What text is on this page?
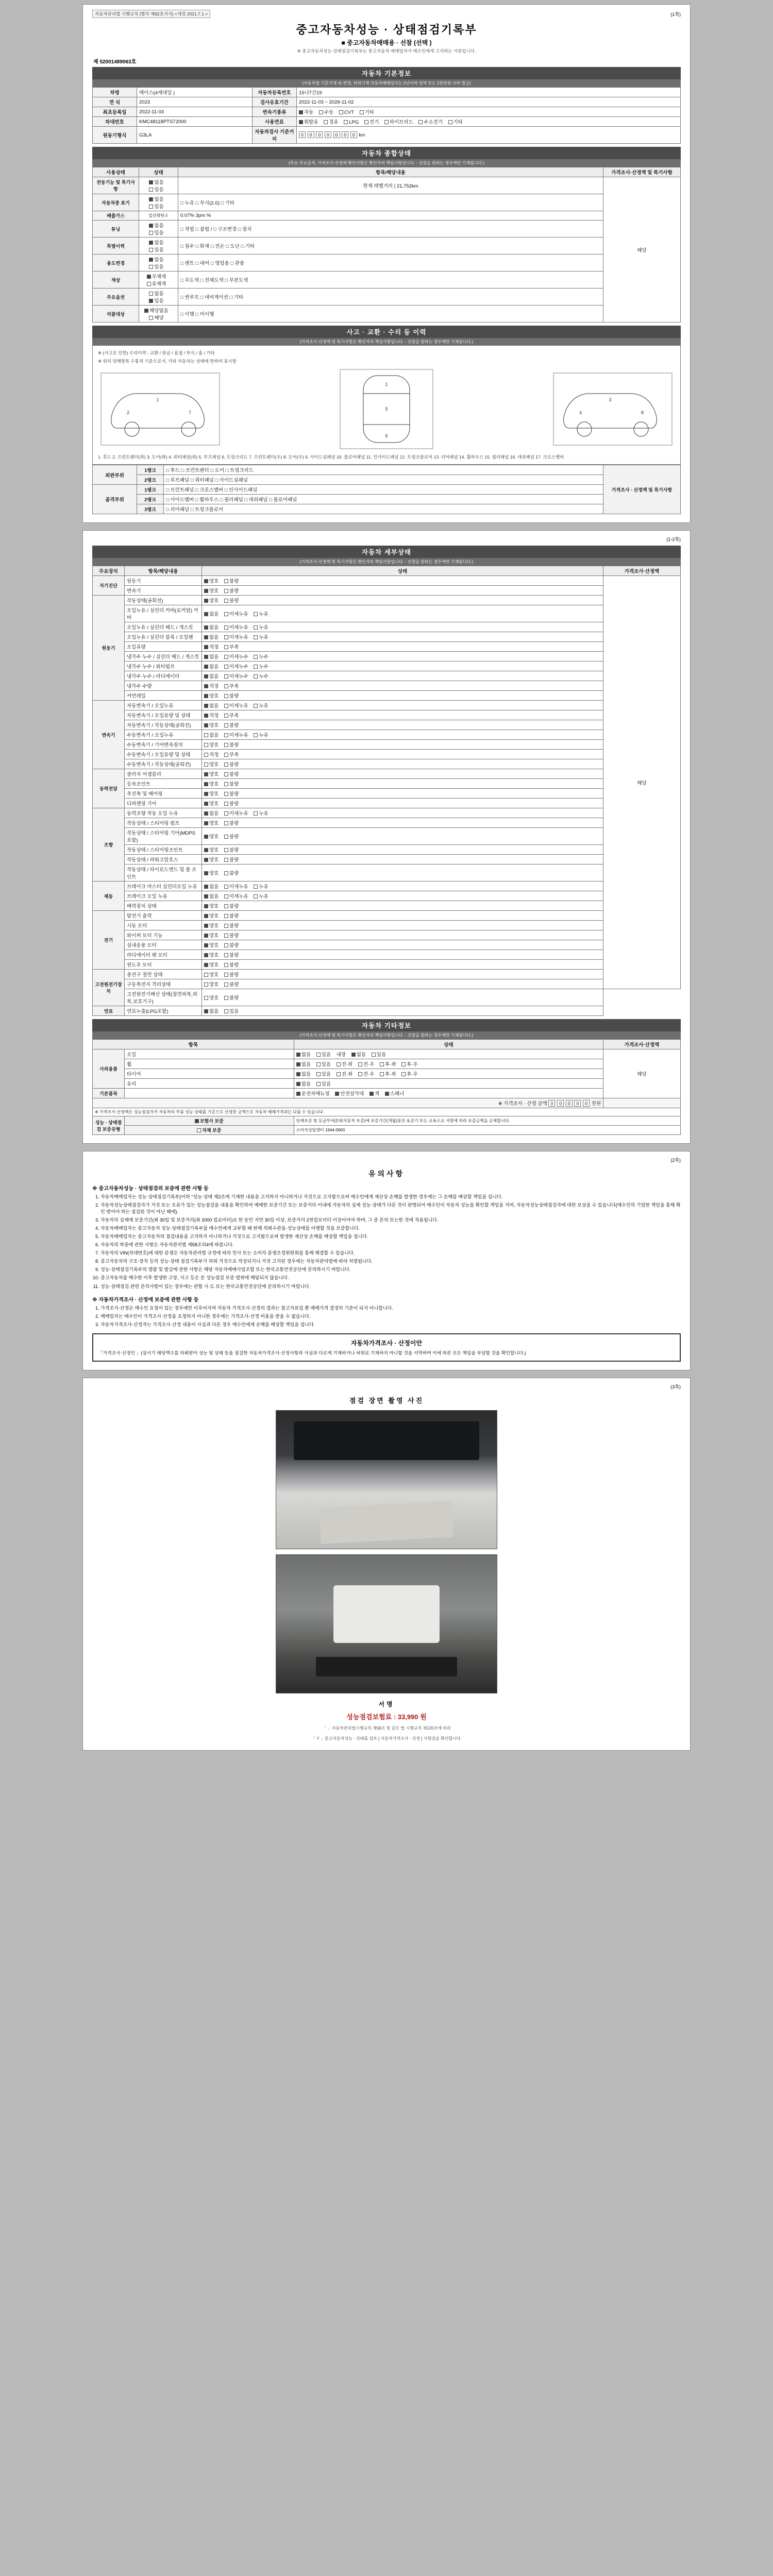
자동차관리법 시행규칙 [별지 제82호서식] <개정 2021.7.1.>	(1쪽)
중고자동차성능 · 상태점검기록부
■ 중고자동차매매용 · 선참 (선택 )
※ 중고자동차성능·상태점검기록부는 중고자동차 매매업자가 매수인에게 고지하는 서류입니다.
제 52001489063호
자동차 기본정보
(자동차법 기준기재 위·변경, 허위기재 자동차매매업자는 2년이하 징역 또는 2천만원 이하 벌금)
차명	메이스(4세대일 )	자동차등록번호	15나7간19
연 식	2023	검사유효기간	2022-11-03 ~ 2026-11-02
최초등록일	2022-11-03	변속기종류	자동 수동 CVT 기타
차대번호	KMC48118PTS72000	사용연료	휘발유 경유 LPG 전기 하이브리드 수소전기 기타
원동기형식	G3LA	자동차검사 기준거리	0 0 0 0 0 0 0 km
자동차 종합상태
(주요·주요골격, 가격조사·산정액 확인사항은 확인자의 책임사항입니다. - 선참을 원하는 경우에만 기재됩니다.)
사용상태	상태	항목/해당내용	가격조사·산정액 및 특기사항
전동기능 및 특기사항	없음 있음	현재 레벨거리 | 21,752km	해당
자동차종 표기	없음 있음	□ 누유 □ 부식(2.0) □ 기타	
배출가스	일산화탄소	0.07% 3pm %	
튜닝	없음 있음	□ 적법 □ 불법 / □ 구조변경 □ 장치	
특별이력	없음 있음	□ 침수 □ 화재 □ 전손 □ 도난 □ 기타	
용도변경	없음 있음	□ 렌트 □ 대여 □ 영업용 □ 관용	
색상	무채색 유채색	□ 무도색 □ 전체도색 □ 부분도색	
주요옵션	없음 있음	□ 썬루프 □ 네비게이션 □ 기타	
리콜대상	해당없음 해당	□ 이행 □ 미이행	
사고 · 교환 · 수리 등 이력
(가격조사·산정액 및 특기사항은 확인자의 책임사항입니다. - 선참을 원하는 경우에만 기재됩니다.)
※ (사고로 인한) 수리이력 : 교환 / 판금 / 용접 / 부식 / 흠 / 기타
※ 위의 당해항목 수통적 기준으로서, 기타 자동차는 상태에 한하여 표시함
1
2	7
1
5
6
3
4	8
1. 후드 2. 프런트펜더(좌) 3. 도어(좌) 4. 쿼터패널(좌) 5. 루프패널 6. 트렁크리드 7. 프런트펜더(우) 8. 도어(우) 9. 사이드실패널 10. 플로어패널 11. 인사이드패널 12. 트렁크플로어 13. 리어패널 14. 휠하우스 15. 필러패널 16. 대쉬패널 17. 크로스멤버
외판부위	1랭크	□ 후드 □ 프런트펜더 □ 도어 □ 트렁크리드	가격조사 · 산정액 및 특기사항
	2랭크	□ 루프패널 □ 쿼터패널 □ 사이드실패널	
골격부위	1랭크	□ 프런트패널 □ 크로스멤버 □ 인사이드패널	
	2랭크	□ 사이드멤버 □ 휠하우스 □ 필러패널 □ 대쉬패널 □ 플로어패널	
	3랭크	□ 리어패널 □ 트렁크플로어	
(1-2쪽)
자동차 세부상태
(가격조사·산정액 및 특기사항은 확인자의 책임사항입니다. - 선참을 원하는 경우에만 기재됩니다.)
주요장치	항목/해당내용	상태	가격조사·산정액
자기진단	원동기	양호 불량	해당
	변속기	양호 불량	
원동기	작동상태(공회전)	양호 불량	
	오일누유 / 실린더 커버(로커암) 커버	없음 미세누유 누유	
	오일누유 / 실린더 헤드 / 개스킷	없음 미세누유 누유	
	오일누유 / 실린더 블록 / 오일팬	없음 미세누유 누유	
	오일유량	적정 부족	
	냉각수 누수 / 실린더 헤드 / 개스킷	없음 미세누수 누수	
	냉각수 누수 / 워터펌프	없음 미세누수 누수	
	냉각수 누수 / 라디에이터	없음 미세누수 누수	
	냉각수 수량	적정 부족	
	커먼레일	양호 불량	
변속기	자동변속기 / 오일누유	없음 미세누유 누유	
	자동변속기 / 오일유량 및 상태	적정 부족	
	자동변속기 / 작동상태(공회전)	양호 불량	
	수동변속기 / 오일누유	없음 미세누유 누유	
	수동변속기 / 기어변속장치	양호 불량	
	수동변속기 / 오일유량 및 상태	적정 부족	
	수동변속기 / 작동상태(공회전)	양호 불량	
동력전달	클러치 어셈블리	양호 불량	
	등속조인트	양호 불량	
	추진축 및 베어링	양호 불량	
	디퍼렌셜 기어	양호 불량	
조향	동력조향 작동 오일 누유	없음 미세누유 누유	
	작동상태 / 스티어링 펌프	양호 불량	
	작동상태 / 스티어링 기어(MDPS포함)	양호 불량	
	작동상태 / 스티어링조인트	양호 불량	
	작동상태 / 파워고압호스	양호 불량	
	작동상태 / 타이로드엔드 및 볼 조인트	양호 불량	
제동	브레이크 마스터 실린더오일 누유	없음 미세누유 누유	
	브레이크 오일 누유	없음 미세누유 누유	
	배력장치 상태	양호 불량	
전기	발전기 출력	양호 불량	
	시동 모터	양호 불량	
	와이퍼 모터 기능	양호 불량	
	실내송풍 모터	양호 불량	
	라디에이터 팬 모터	양호 불량	
	윈도우 모터	양호 불량	
고전원전기장치	충전구 절연 상태	양호 불량	
	구동축전지 격리상태	양호 불량	
	고전원전기배선 상태(접연피복,피복,보호기구)	양호 불량	
연료	연료누출(LPG포함)	없음 있음	
자동차 기타정보
(가격조사·산정액 및 특기사항은 확인자의 책임사항입니다. - 선참을 원하는 경우에만 기재됩니다.)
항목		상태	가격조사·산정액
사외용품	오일	없음 있음 내장 없음 있음	해당
	휠	없음 있음 전·좌 전·우 후·좌 후·우	
	타이어	없음 있음 전·좌 전·우 후·좌 후·우	
	유리	없음 있음	
기본품목		운전자메뉴얼 안전삼각대 잭 스패너	
※ 가격조사 · 산정 금액 0 0 0 0 0 천원			
※ 가격조사·산정액은 성능점검자가 자동차의 부품 성능·상태를 기준으로 산정한 금액으로 자동차 매매가격과는 다를 수 있습니다.			
성능 · 상태점검 보증유형	보험사 보증	단체보증 및 등급부여(2내/자동차 보증)에 보증기간(개월)동안 표준기 또는 교육소요 사항에 따라 보증금액을 공제합니다.	
	자체 보증	소비자상담센터 1644-0600	
(2쪽)
유의사항
※ 중고자동차성능 · 상태점검의 보증에 관한 사항 등
1. 자동차매매업자는 성능·상태점검기록부(이하 "성능·상태 제2조에 기재한 내용을 고지하지 아니하거나 거짓으로 고지함으로써 매수인에게 재산상 손해를 발생한 경우에는 그 손해를 배상할 책임을 집니다.
2. 자동차성능상태점검자가 거짓 또는 오류가 있는 성능점검을 내용을 확인하여 매매한 보증기간 또는 보증거리 이내에 자동차의 실제 성능·상태가 다른 것이 판명되어 매수인이 자동차 성능을 확인할 책임을 지며, 자동차성능상태점검자에 대한 보상을 수 있습니다(매수인의 기업한 책임을 통해 확인 받아야 하는 점검된 것이 아닌 때에).
3. 자동차의 실제에 보증기간(최 30일 및 보증거리(최 2000 킬로미터)로 한 동안 지만 30일 이상, 보증거리 2천킬로미터 이상이어야 하며, 그 중 본의 또는한 것에 적용됩니다.
4. 자동차매매업자는 중고자동차 성능·상태점검기록부를 매수인에게 교부할 때 한해 의뢰수관을·성능상태를 이행할 것을 보증합니다.
5. 자동차매매업자는 중고자동차의 점검내용을 고지하지 아니하거나 거짓으로 고지함으로써 발생한 재산상 손해를 배상할 책임을 집니다.
6. 자동차의 하중에 관한 사항은 자동차관리법 제58조의4에 따릅니다.
7. 자동차의 VIN(차대번호)에 대한 분쟁은 자동차관리법 규정에 따라 민사 또는 소비자 분쟁조정위원회를 통해 해결할 수 있습니다.
8. 중고자동차의 구조·장치 등의 성능·상태 점검기록부가 허위 거짓으로 작성되거나 거짓 고지된 경우에는 자동차관리법에 따라 처벌됩니다.
9. 성능·상태점검기록부의 열람 및 발급에 관한 사항은 해당 자동차매매사업조합 또는 한국교통안전공단에 문의하시기 바랍니다.
10. 중고자동차를 매수한 이후 발생한 고장, 사고 등은 본 성능점검 보증 범위에 해당되지 않습니다.
11. 성능·상태점검 관련 문의사항이 있는 경우에는 관할 시·도 또는 한국교통안전공단에 문의하시기 바랍니다.
※ 자동차가격조사 · 산정에 보증에 관한 사항 등
1. 가격조사·산정은 매수인 요청이 있는 경우에만 이루어지며 자동차 가격조사·산정의 결과는 참고자료일 뿐 매매가격 결정의 기준이 되지 아니합니다.
2. 매매업자는 매수인이 가격조사·산정을 요청하지 아니한 경우에는 가격조사·산정 비용을 받을 수 없습니다.
3. 자동차가격조사·산정자는 가격조사·산정 내용이 사실과 다른 경우 매수인에게 손해를 배상할 책임을 집니다.
자동차가격조사 · 산정이안
「가격조사·산정인 」(실시기 해당액수를 의뢰받아 성능 및 상태 등을 점검한 자동차가격조사·산정사항과 사실과 다르게 기재하거나 허위로 기재하지 아니할 것을 서약하며 이에 따른 모든 책임을 부담할 것을 확인합니다.)
(3쪽)
점검 장면 촬영 사진
서명
성능점검보험료 : 33,990 원
「 」자동차관리법시행규칙 제58조 및 같은 법 시행규칙 제120조에 따라
「 Y 」중고자동차성능 · 상태를 검토 [ 자동차가격조사 · 산정 ] 사항검을 확인합니다.
